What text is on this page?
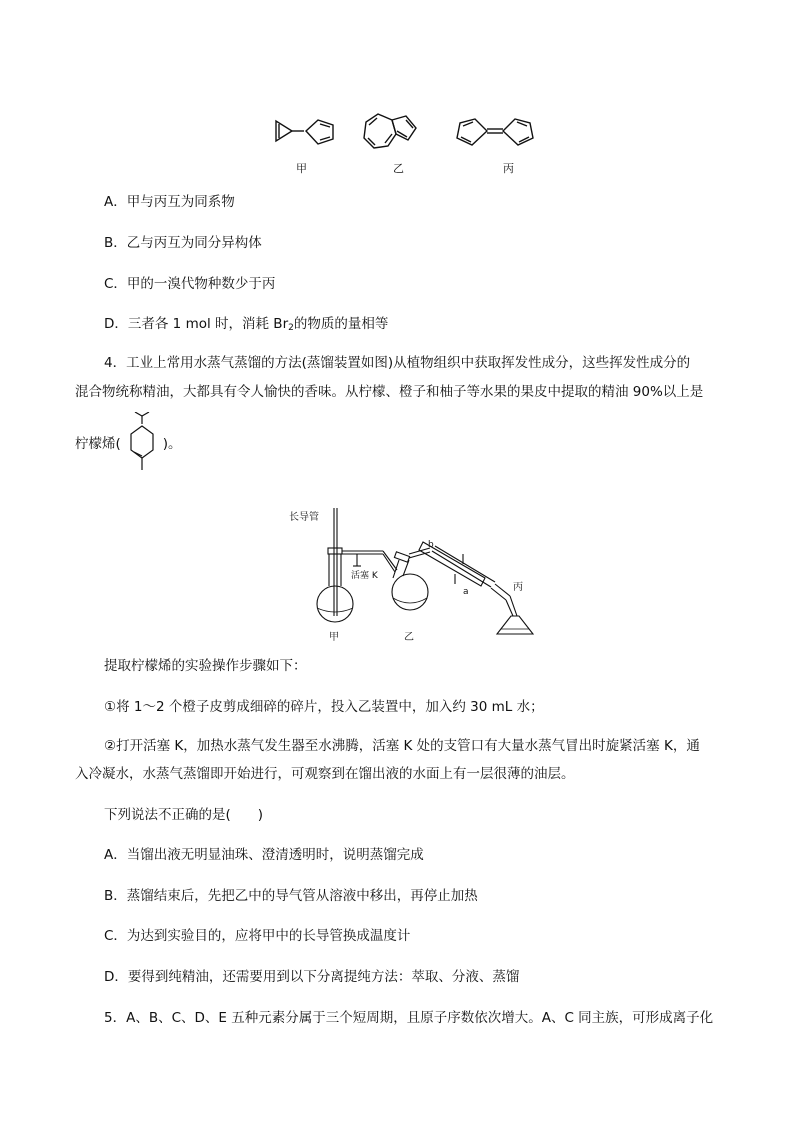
甲	乙	丙
A．甲与丙互为同系物
B．乙与丙互为同分异构体
C．甲的一溴代物种数少于丙
D．三者各 1 mol 时，消耗 $Br_2$的物质的量相等
4．工业上常用水蒸气蒸馏的方法(蒸馏装置如图)从植物组织中获取挥发性成分，这些挥发性成分的
混合物统称精油，大都具有令人愉快的香味。从柠檬、橙子和柚子等水果的果皮中提取的精油 90%以上是
柠檬烯(	)。
长导管
活塞 K
b
a
甲	乙
丙
提取柠檬烯的实验操作步骤如下：
①将 1～2 个橙子皮剪成细碎的碎片，投入乙装置中，加入约 30 mL 水；
②打开活塞 K，加热水蒸气发生器至水沸腾，活塞 K 处的支管口有大量水蒸气冒出时旋紧活塞 K，通
入冷凝水，水蒸气蒸馏即开始进行，可观察到在馏出液的水面上有一层很薄的油层。
下列说法不正确的是(　　)
A．当馏出液无明显油珠、澄清透明时，说明蒸馏完成
B．蒸馏结束后，先把乙中的导气管从溶液中移出，再停止加热
C．为达到实验目的，应将甲中的长导管换成温度计
D．要得到纯精油，还需要用到以下分离提纯方法：萃取、分液、蒸馏
5．A、B、C、D、E 五种元素分属于三个短周期，且原子序数依次增大。A、C 同主族，可形成离子化
